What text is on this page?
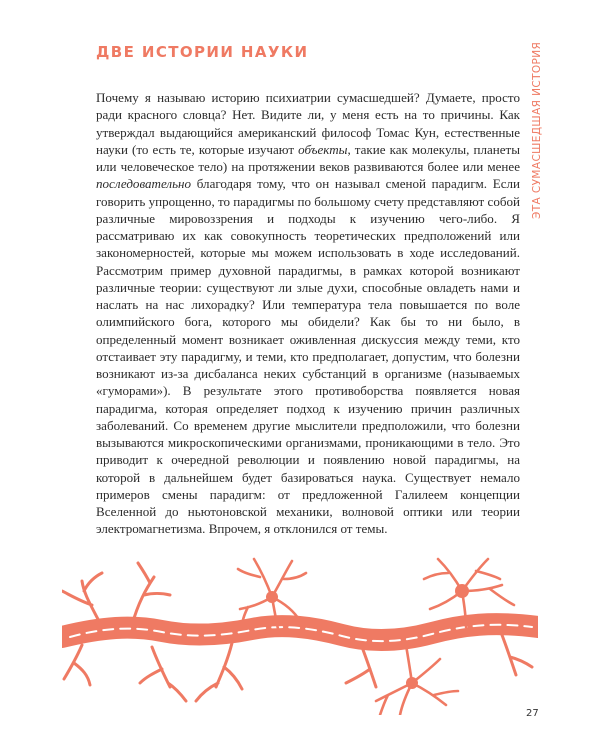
ДВЕ ИСТОРИИ НАУКИ	ЭТА СУМАСШЕДШАЯ ИСТОРИЯ

Почему я называю историю психиатрии сумасшедшей? Думаете, просто ради красного словца? Нет. Видите ли, у меня есть на то причины. Как утверждал выдающийся американский философ Томас Кун, естественные науки (то есть те, которые изучают объекты, такие как молекулы, планеты или человеческое тело) на протяжении веков развиваются более или менее последовательно благодаря тому, что он называл сменой парадигм. Если говорить упрощенно, то парадигмы по большому счету представляют собой различные мировоззрения и подходы к изучению чего-либо. Я рассматриваю их как совокупность теоретических предположений или закономерностей, которые мы можем использовать в ходе исследований. Рассмотрим пример духовной парадигмы, в рамках которой возникают различные теории: существуют ли злые духи, способные овладеть нами и наслать на нас лихорадку? Или температура тела повышается по воле олимпийского бога, которого мы обидели? Как бы то ни было, в определенный момент возникает оживленная дискуссия между теми, кто отстаивает эту парадигму, и теми, кто предполагает, допустим, что болезни возникают из-за дисбаланса неких субстанций в организме (называемых «гуморами»). В результате этого противоборства появляется новая парадигма, которая определяет подход к изучению причин различных заболеваний. Со временем другие мыслители предположили, что болезни вызываются микроскопическими организмами, проникающими в тело. Это приводит к очередной революции и появлению новой парадигмы, на которой в дальнейшем будет базироваться наука. Существует немало примеров смены парадигм: от предложенной Галилеем концепции Вселенной до ньютоновской механики, волновой оптики или теории электромагнетизма. Впрочем, я отклонился от темы.

27
